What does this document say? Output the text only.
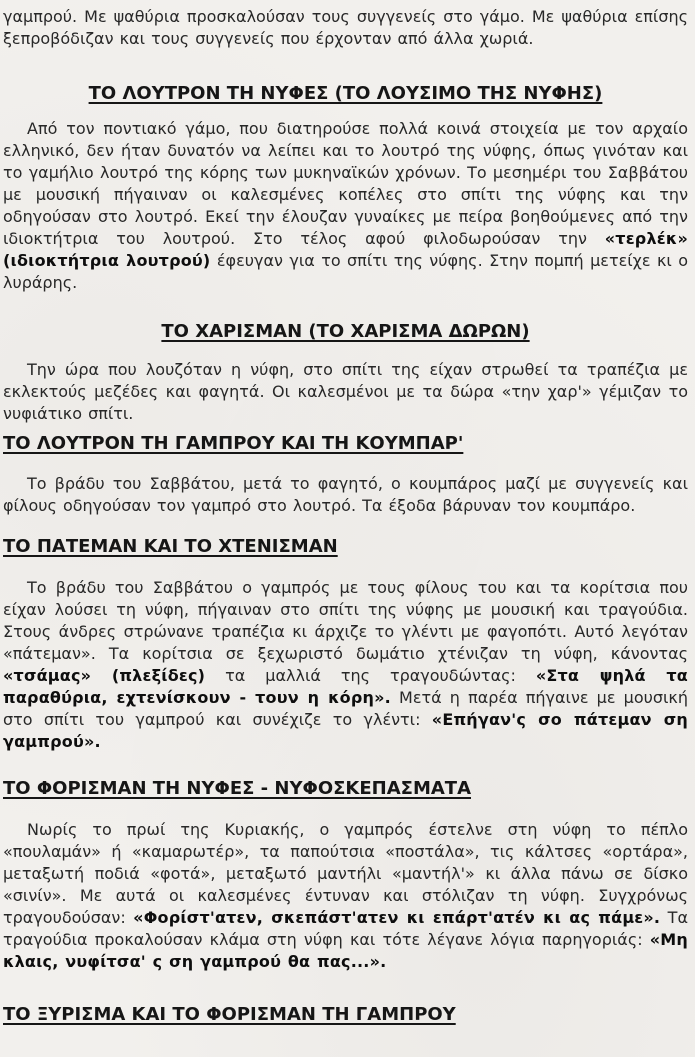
γαμπρού. Με ψαθύρια προσκαλούσαν τους συγγενείς στο γάμο. Με ψαθύρια επίσης ξεπροβόδιζαν και τους συγγενείς που έρχονταν από άλλα χωριά.

ΤΟ ΛΟΥΤΡΟΝ ΤΗ ΝΥΦΕΣ (ΤΟ ΛΟΥΣΙΜΟ ΤΗΣ ΝΥΦΗΣ)

Από τον ποντιακό γάμο, που διατηρούσε πολλά κοινά στοιχεία με τον αρχαίο ελληνικό, δεν ήταν δυνατόν να λείπει και το λουτρό της νύφης, όπως γινόταν και το γαμήλιο λουτρό της κόρης των μυκηναϊκών χρόνων. Το μεσημέρι του Σαββάτου με μουσική πήγαιναν οι καλεσμένες κοπέλες στο σπίτι της νύφης και την οδηγούσαν στο λουτρό. Εκεί την έλουζαν γυναίκες με πείρα βοηθούμενες από την ιδιοκτήτρια του λουτρού. Στο τέλος αφού φιλοδωρούσαν την «τερλέκ» (ιδιοκτήτρια λουτρού) έφευγαν για το σπίτι της νύφης. Στην πομπή μετείχε κι ο λυράρης.

ΤΟ ΧΑΡΙΣΜΑΝ (ΤΟ ΧΑΡΙΣΜΑ ΔΩΡΩΝ)

Την ώρα που λουζόταν η νύφη, στο σπίτι της είχαν στρωθεί τα τραπέζια με εκλεκτούς μεζέδες και φαγητά. Οι καλεσμένοι με τα δώρα «την χαρ'» γέμιζαν το νυφιάτικο σπίτι.

ΤΟ ΛΟΥΤΡΟΝ ΤΗ ΓΑΜΠΡΟΥ ΚΑΙ ΤΗ ΚΟΥΜΠΑΡ'

Το βράδυ του Σαββάτου, μετά το φαγητό, ο κουμπάρος μαζί με συγγενείς και φίλους οδηγούσαν τον γαμπρό στο λουτρό. Τα έξοδα βάρυναν τον κουμπάρο.

ΤΟ ΠΑΤΕΜΑΝ ΚΑΙ ΤΟ ΧΤΕΝΙΣΜΑΝ

Το βράδυ του Σαββάτου ο γαμπρός με τους φίλους του και τα κορίτσια που είχαν λούσει τη νύφη, πήγαιναν στο σπίτι της νύφης με μουσική και τραγούδια. Στους άνδρες στρώνανε τραπέζια κι άρχιζε το γλέντι με φαγοπότι. Αυτό λεγόταν «πάτεμαν». Τα κορίτσια σε ξεχωριστό δωμάτιο χτένιζαν τη νύφη, κάνοντας «τσάμας» (πλεξίδες) τα μαλλιά της τραγουδώντας: «Στα ψηλά τα παραθύρια, εχτενίσκουν - τουν η κόρη». Μετά η παρέα πήγαινε με μουσική στο σπίτι του γαμπρού και συνέχιζε το γλέντι: «Επήγαν'ς σο πάτεμαν ση γαμπρού».

ΤΟ ΦΟΡΙΣΜΑΝ ΤΗ ΝΥΦΕΣ - ΝΥΦΟΣΚΕΠΑΣΜΑΤΑ

Νωρίς το πρωί της Κυριακής, ο γαμπρός έστελνε στη νύφη το πέπλο «πουλαμάν» ή «καμαρωτέρ», τα παπούτσια «ποστάλα», τις κάλτσες «ορτάρα», μεταξωτή ποδιά «φοτά», μεταξωτό μαντήλι «μαντήλ'» κι άλλα πάνω σε δίσκο «σινίν». Με αυτά οι καλεσμένες έντυναν και στόλιζαν τη νύφη. Συγχρόνως τραγουδούσαν: «Φορίστ'ατεν, σκεπάστ'ατεν κι επάρτ'ατέν κι ας πάμε». Τα τραγούδια προκαλούσαν κλάμα στη νύφη και τότε λέγανε λόγια παρηγοριάς: «Μη κλαις, νυφίτσα' ς ση γαμπρού θα πας...».

ΤΟ ΞΥΡΙΣΜΑ ΚΑΙ ΤΟ ΦΟΡΙΣΜΑΝ ΤΗ ΓΑΜΠΡΟΥ
